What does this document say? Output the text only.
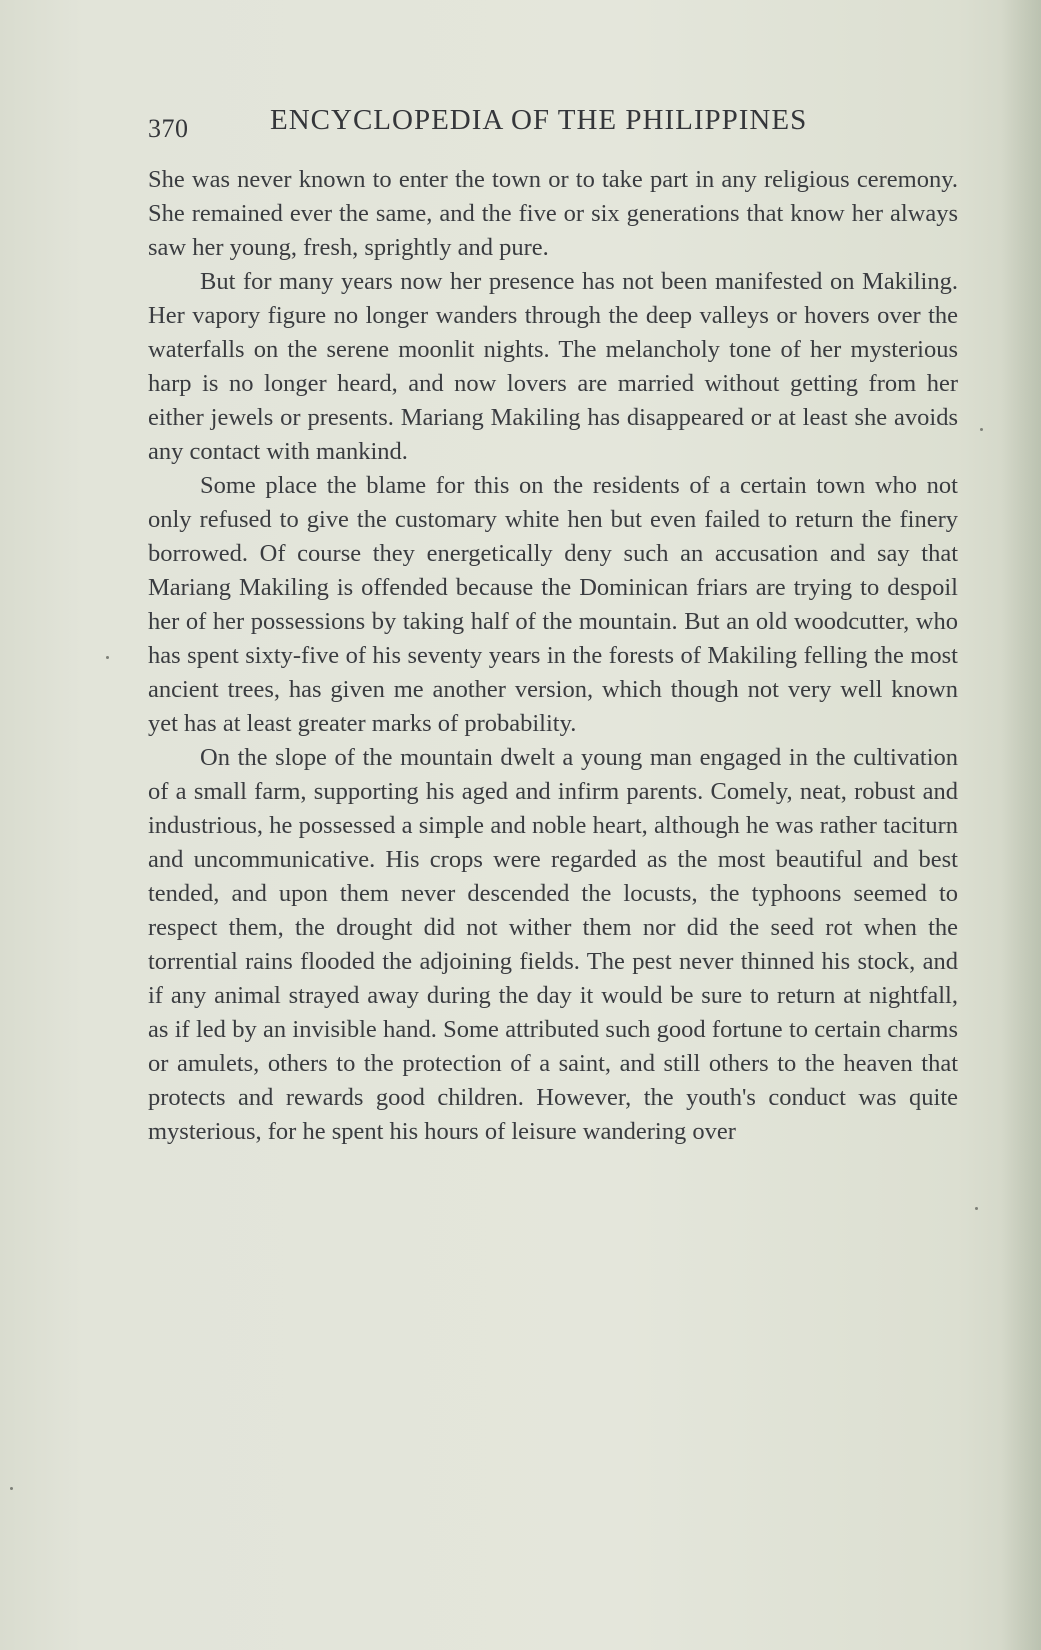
370	ENCYCLOPEDIA OF THE PHILIPPINES

She was never known to enter the town or to take part in any religious ceremony. She remained ever the same, and the five or six generations that know her always saw her young, fresh, sprightly and pure.

But for many years now her presence has not been manifested on Makiling. Her vapory figure no longer wanders through the deep valleys or hovers over the waterfalls on the serene moonlit nights. The melancholy tone of her mysterious harp is no longer heard, and now lovers are married without getting from her either jewels or presents. Mariang Makiling has disappeared or at least she avoids any contact with mankind.

Some place the blame for this on the residents of a certain town who not only refused to give the customary white hen but even failed to return the finery borrowed. Of course they energetically deny such an accusation and say that Mariang Makiling is offended because the Dominican friars are trying to despoil her of her possessions by taking half of the mountain. But an old woodcutter, who has spent sixty-five of his seventy years in the forests of Makiling felling the most ancient trees, has given me another version, which though not very well known yet has at least greater marks of probability.

On the slope of the mountain dwelt a young man engaged in the cultivation of a small farm, supporting his aged and infirm parents. Comely, neat, robust and industrious, he possessed a simple and noble heart, although he was rather taciturn and uncommunicative. His crops were regarded as the most beautiful and best tended, and upon them never descended the locusts, the typhoons seemed to respect them, the drought did not wither them nor did the seed rot when the torrential rains flooded the adjoining fields. The pest never thinned his stock, and if any animal strayed away during the day it would be sure to return at nightfall, as if led by an invisible hand. Some attributed such good fortune to certain charms or amulets, others to the protection of a saint, and still others to the heaven that protects and rewards good children. However, the youth's conduct was quite mysterious, for he spent his hours of leisure wandering over
